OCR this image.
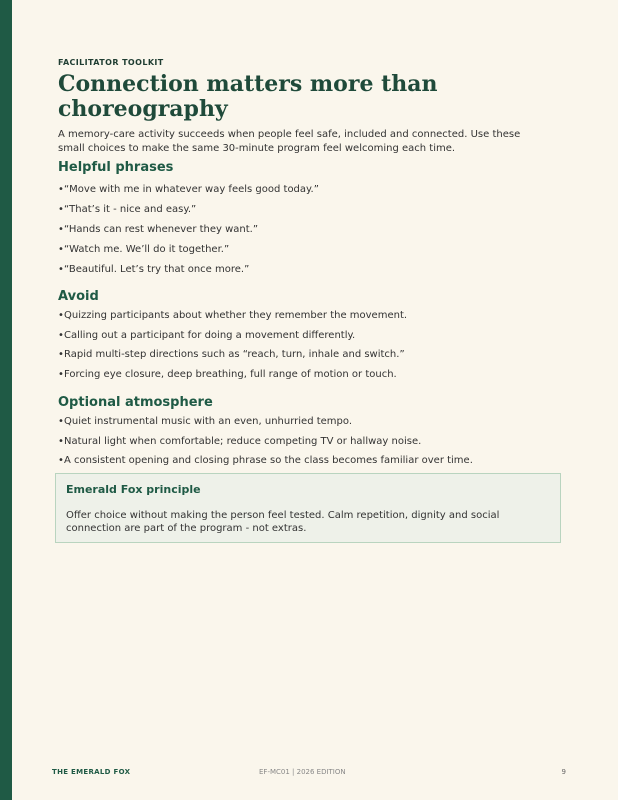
FACILITATOR TOOLKIT

Connection matters more than choreography

A memory-care activity succeeds when people feel safe, included and connected. Use these small choices to make the same 30-minute program feel welcoming each time.

Helpful phrases
• “Move with me in whatever way feels good today.”
• “That’s it - nice and easy.”
• “Hands can rest whenever they want.”
• “Watch me. We’ll do it together.”
• “Beautiful. Let’s try that once more.”
Avoid
• Quizzing participants about whether they remember the movement.
• Calling out a participant for doing a movement differently.
• Rapid multi-step directions such as “reach, turn, inhale and switch.”
• Forcing eye closure, deep breathing, full range of motion or touch.
Optional atmosphere
• Quiet instrumental music with an even, unhurried tempo.
• Natural light when comfortable; reduce competing TV or hallway noise.
• A consistent opening and closing phrase so the class becomes familiar over time.
Emerald Fox principle

Offer choice without making the person feel tested. Calm repetition, dignity and social connection are part of the program - not extras.

THE EMERALD FOX	EF-MC01 | 2026 EDITION	9
